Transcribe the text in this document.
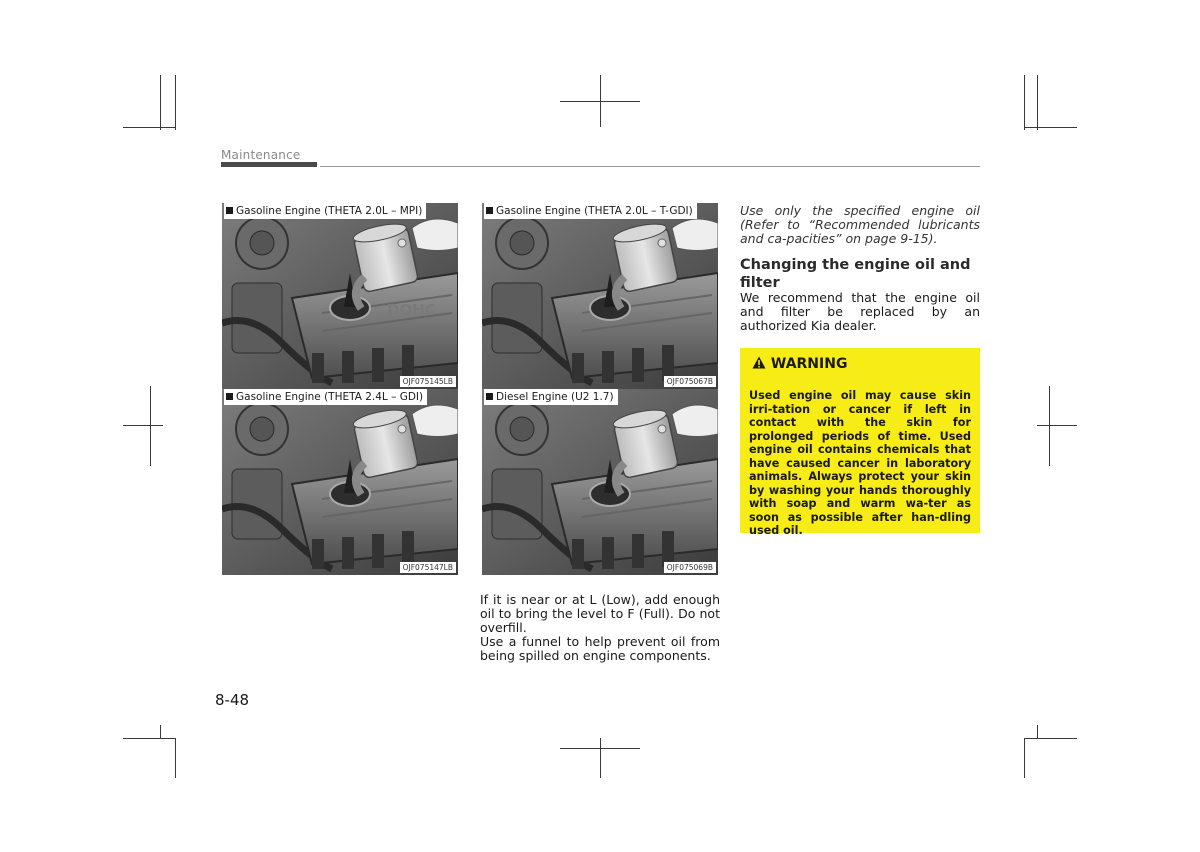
Maintenance
DOHC
Gasoline Engine (THETA 2.0L – MPI)
OJF075145LB
Gasoline Engine (THETA 2.0L – T-GDI)
OJF075067B
Gasoline Engine (THETA 2.4L – GDI)
OJF075147LB
Diesel Engine (U2 1.7)
OJF075069B
If it is near or at L (Low), add enough oil to bring the level to F (Full). Do not overfill.
Use a funnel to help prevent oil from being spilled on engine components.
Use only the specified engine oil (Refer to “Recommended lubricants and ca-pacities” on page 9-15).
Changing the engine oil and filter
We recommend that the engine oil and filter be replaced by an authorized Kia dealer.
WARNING
Used engine oil may cause skin irri-tation or cancer if left in contact with the skin for prolonged periods of time. Used engine oil contains chemicals that have caused cancer in laboratory animals. Always protect your skin by washing your hands thoroughly with soap and warm wa-ter as soon as possible after han-dling used oil.
8-48
